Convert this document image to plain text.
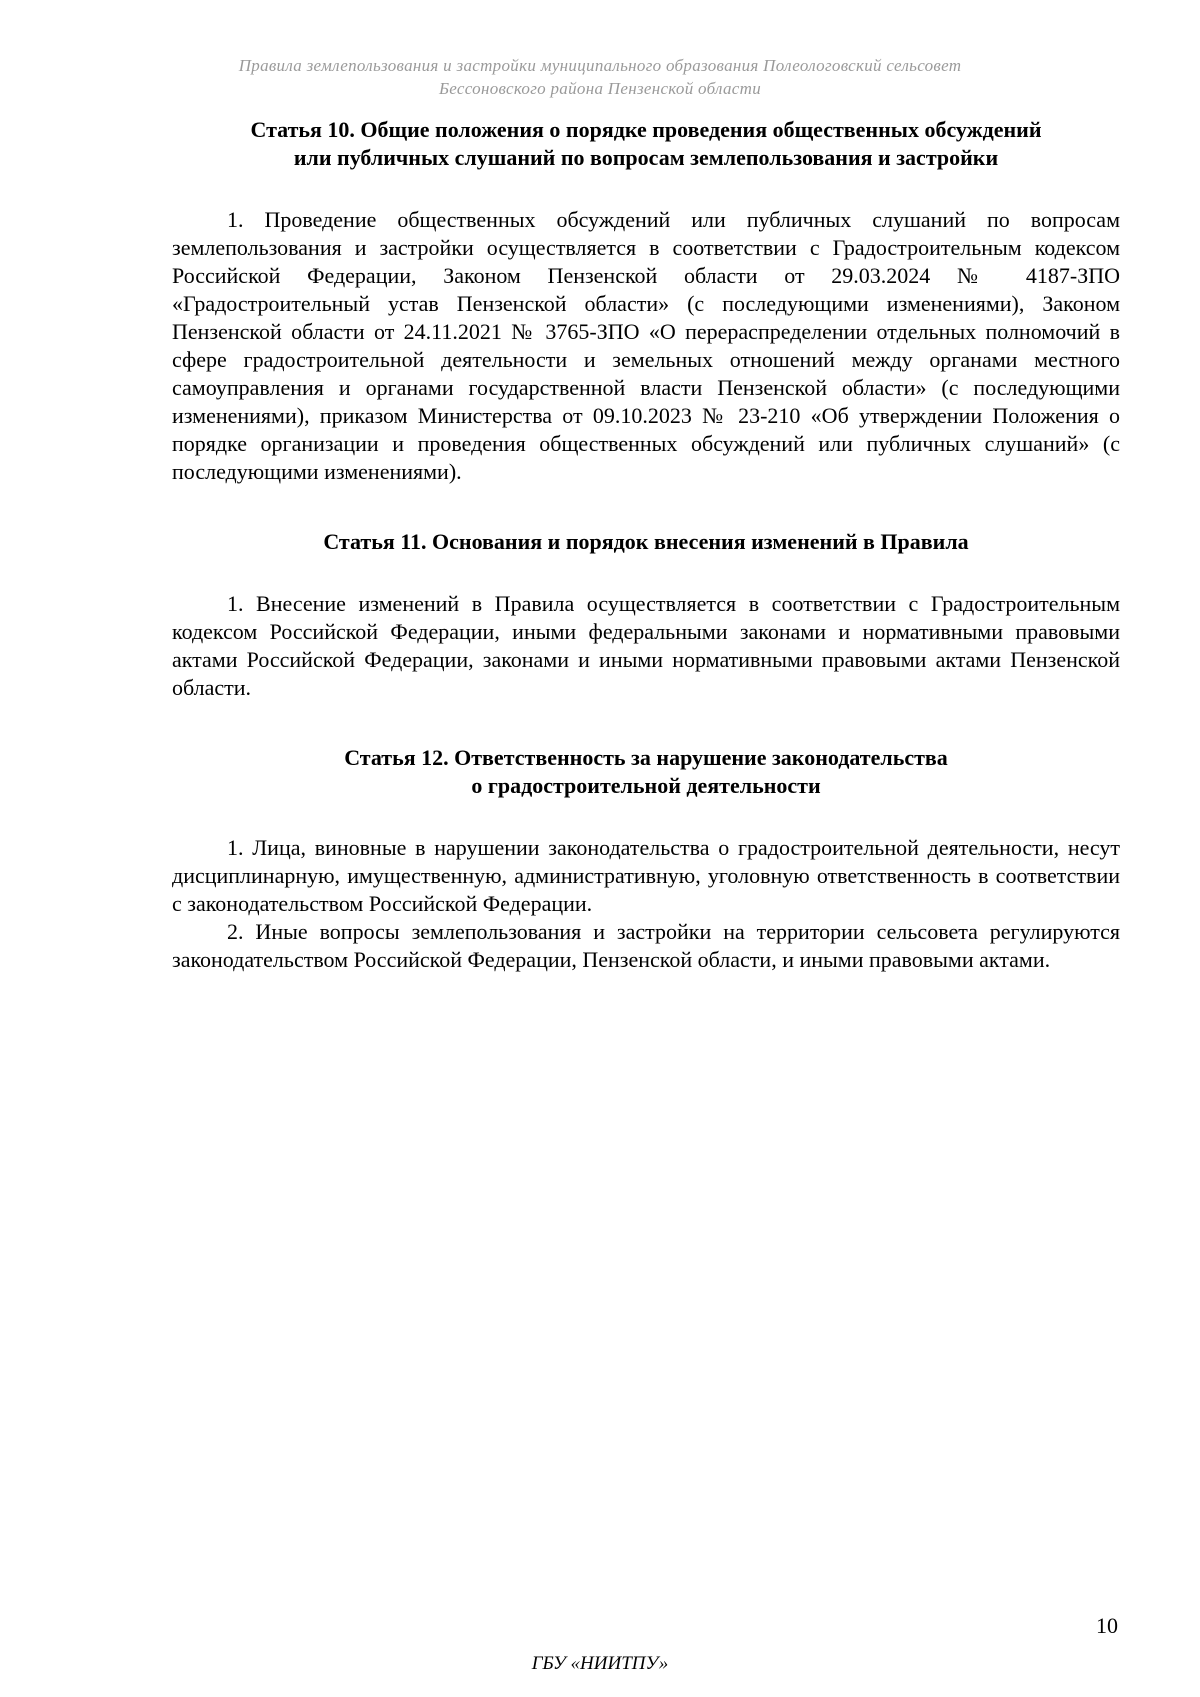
Правила землепользования и застройки муниципального образования Полеологовский сельсовет
Бессоновского района Пензенской области
Статья 10. Общие положения о порядке проведения общественных обсуждений
или публичных слушаний по вопросам землепользования и застройки

1. Проведение общественных обсуждений или публичных слушаний по вопросам землепользования и застройки осуществляется в соответствии с Градостроительным кодексом Российской Федерации, Законом Пензенской области от 29.03.2024 № 4187-ЗПО «Градостроительный устав Пензенской области» (с последующими изменениями), Законом Пензенской области от 24.11.2021 № 3765-ЗПО «О перераспределении отдельных полномочий в сфере градостроительной деятельности и земельных отношений между органами местного самоуправления и органами государственной власти Пензенской области» (с последующими изменениями), приказом Министерства от 09.10.2023 № 23-210 «Об утверждении Положения о порядке организации и проведения общественных обсуждений или публичных слушаний» (с последующими изменениями).

Статья 11. Основания и порядок внесения изменений в Правила

1. Внесение изменений в Правила осуществляется в соответствии с Градостроительным кодексом Российской Федерации, иными федеральными законами и нормативными правовыми актами Российской Федерации, законами и иными нормативными правовыми актами Пензенской области.

Статья 12. Ответственность за нарушение законодательства
о градостроительной деятельности

1. Лица, виновные в нарушении законодательства о градостроительной деятельности, несут дисциплинарную, имущественную, административную, уголовную ответственность в соответствии с законодательством Российской Федерации.

2. Иные вопросы землепользования и застройки на территории сельсовета регулируются законодательством Российской Федерации, Пензенской области, и иными правовыми актами.

10
ГБУ «НИИТПУ»
